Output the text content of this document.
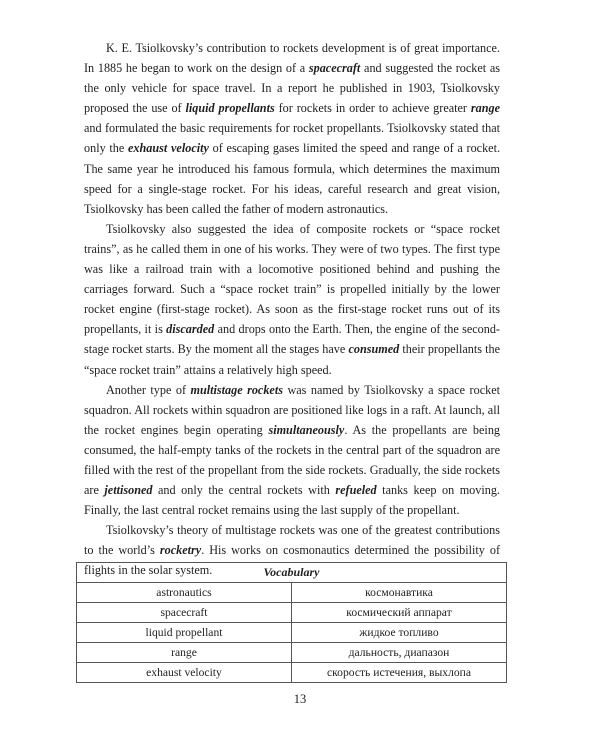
K. E. Tsiolkovsky’s contribution to rockets development is of great importance. In 1885 he began to work on the design of a spacecraft and suggested the rocket as the only vehicle for space travel. In a report he published in 1903, Tsiolkovsky proposed the use of liquid propellants for rockets in order to achieve greater range and formulated the basic requirements for rocket propellants. Tsiolkovsky stated that only the exhaust velocity of escaping gases limited the speed and range of a rocket. The same year he introduced his famous formula, which determines the maximum speed for a single-stage rocket. For his ideas, careful research and great vision, Tsiolkovsky has been called the father of modern astronautics.

Tsiolkovsky also suggested the idea of composite rockets or “space rocket trains”, as he called them in one of his works. They were of two types. The first type was like a railroad train with a locomotive positioned behind and pushing the carriages forward. Such a “space rocket train” is propelled initially by the lower rocket engine (first-stage rocket). As soon as the first-stage rocket runs out of its propellants, it is discarded and drops onto the Earth. Then, the engine of the second-stage rocket starts. By the moment all the stages have consumed their propellants the “space rocket train” attains a relatively high speed.

Another type of multistage rockets was named by Tsiolkovsky a space rocket squadron. All rockets within squadron are positioned like logs in a raft. At launch, all the rocket engines begin operating simultaneously. As the propellants are being consumed, the half-empty tanks of the rockets in the central part of the squadron are filled with the rest of the propellant from the side rockets. Gradually, the side rockets are jettisoned and only the central rockets with refueled tanks keep on moving. Finally, the last central rocket remains using the last supply of the propellant.

Tsiolkovsky’s theory of multistage rockets was one of the greatest contributions to the world’s rocketry. His works on cosmonautics determined the possibility of flights in the solar system.	Vocabulary	
astronautics	космонавтика
spacecraft	космический аппарат
liquid propellant	жидкое топливо
range	дальность, диапазон
exhaust velocity	скорость истечения, выхлопа
13
